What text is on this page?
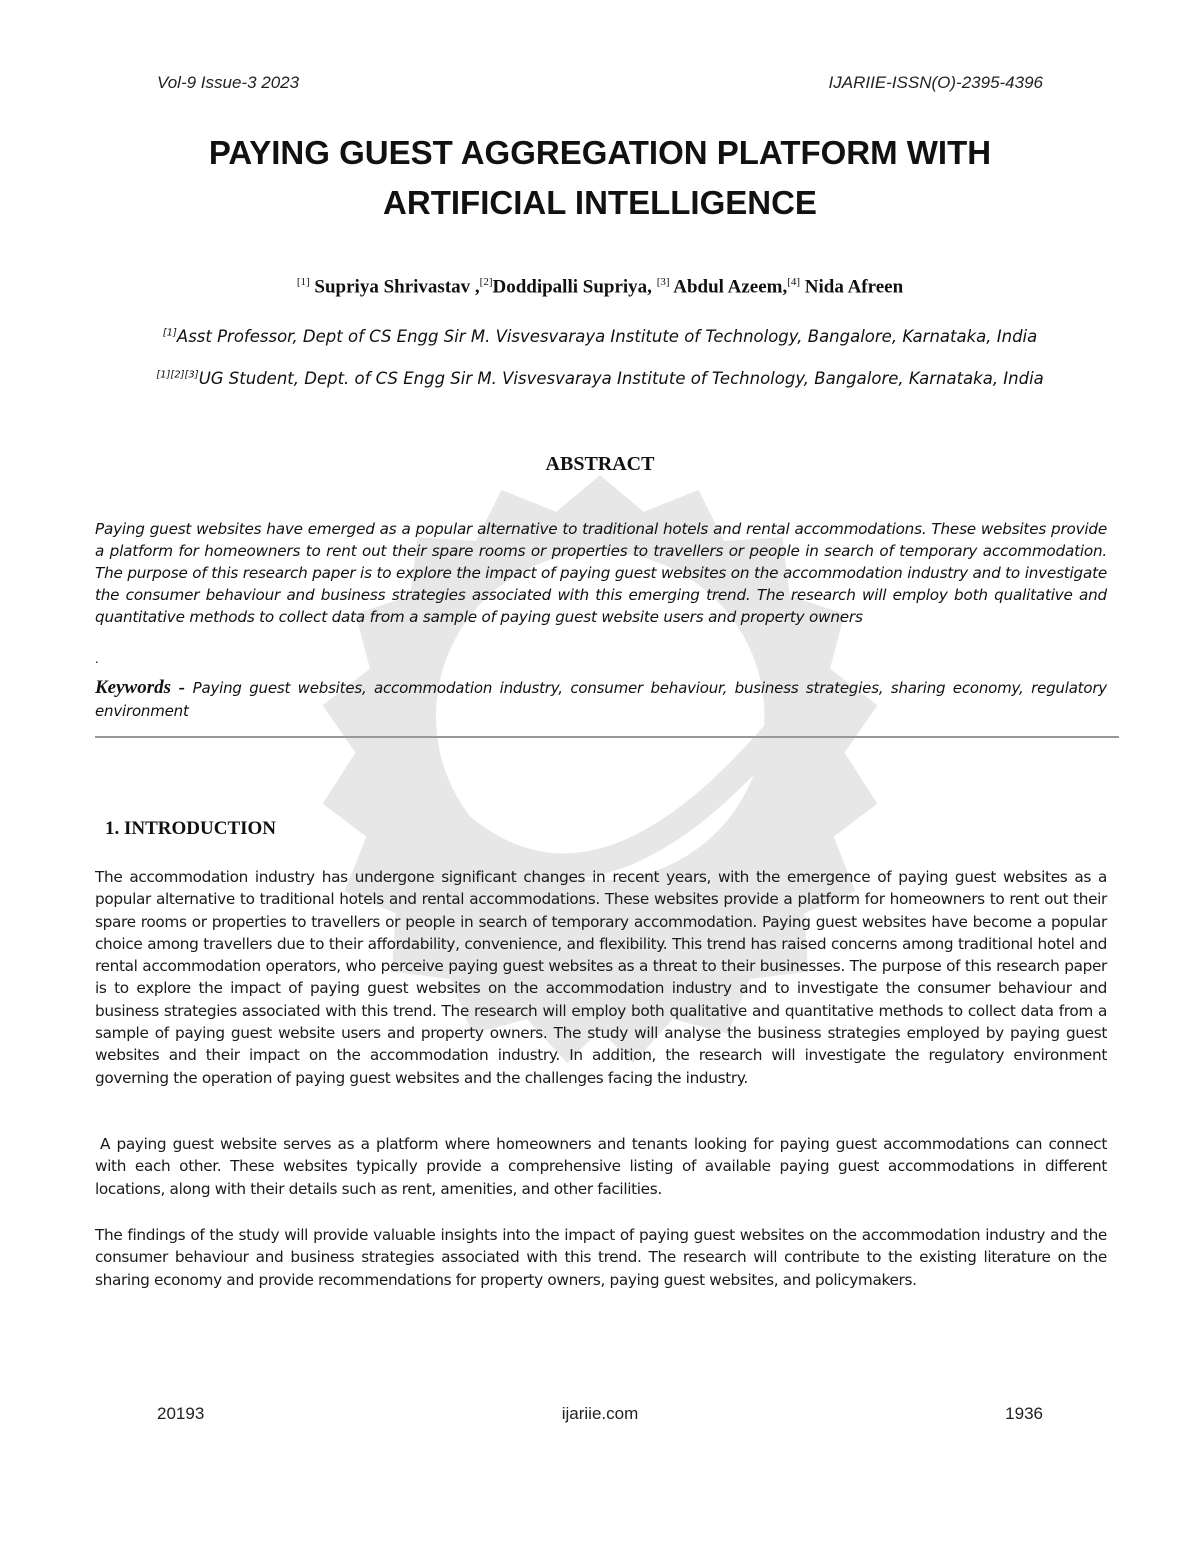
Vol-9 Issue-3 2023	IJARIIE-ISSN(O)-2395-4396
PAYING GUEST AGGREGATION PLATFORM WITH
ARTIFICIAL INTELLIGENCE
[1] Supriya Shrivastav ,[2]Doddipalli Supriya, [3] Abdul Azeem,[4] Nida Afreen
[1]Asst Professor, Dept of CS Engg Sir M. Visvesvaraya Institute of Technology, Bangalore, Karnataka, India
[1][2][3]UG Student, Dept. of CS Engg Sir M. Visvesvaraya Institute of Technology, Bangalore, Karnataka, India
ABSTRACT
Paying guest websites have emerged as a popular alternative to traditional hotels and rental accommodations. These websites provide a platform for homeowners to rent out their spare rooms or properties to travellers or people in search of temporary accommodation. The purpose of this research paper is to explore the impact of paying guest websites on the accommodation industry and to investigate the consumer behaviour and business strategies associated with this emerging trend. The research will employ both qualitative and quantitative methods to collect data from a sample of paying guest website users and property owners
.
Keywords - Paying guest websites, accommodation industry, consumer behaviour, business strategies, sharing economy, regulatory environment
1. INTRODUCTION
The accommodation industry has undergone significant changes in recent years, with the emergence of paying guest websites as a popular alternative to traditional hotels and rental accommodations. These websites provide a platform for homeowners to rent out their spare rooms or properties to travellers or people in search of temporary accommodation. Paying guest websites have become a popular choice among travellers due to their affordability, convenience, and flexibility. This trend has raised concerns among traditional hotel and rental accommodation operators, who perceive paying guest websites as a threat to their businesses. The purpose of this research paper is to explore the impact of paying guest websites on the accommodation industry and to investigate the consumer behaviour and business strategies associated with this trend. The research will employ both qualitative and quantitative methods to collect data from a sample of paying guest website users and property owners. The study will analyse the business strategies employed by paying guest websites and their impact on the accommodation industry. In addition, the research will investigate the regulatory environment governing the operation of paying guest websites and the challenges facing the industry.
A paying guest website serves as a platform where homeowners and tenants looking for paying guest accommodations can connect with each other. These websites typically provide a comprehensive listing of available paying guest accommodations in different locations, along with their details such as rent, amenities, and other facilities.
The findings of the study will provide valuable insights into the impact of paying guest websites on the accommodation industry and the consumer behaviour and business strategies associated with this trend. The research will contribute to the existing literature on the sharing economy and provide recommendations for property owners, paying guest websites, and policymakers.
20193	ijariie.com	1936
